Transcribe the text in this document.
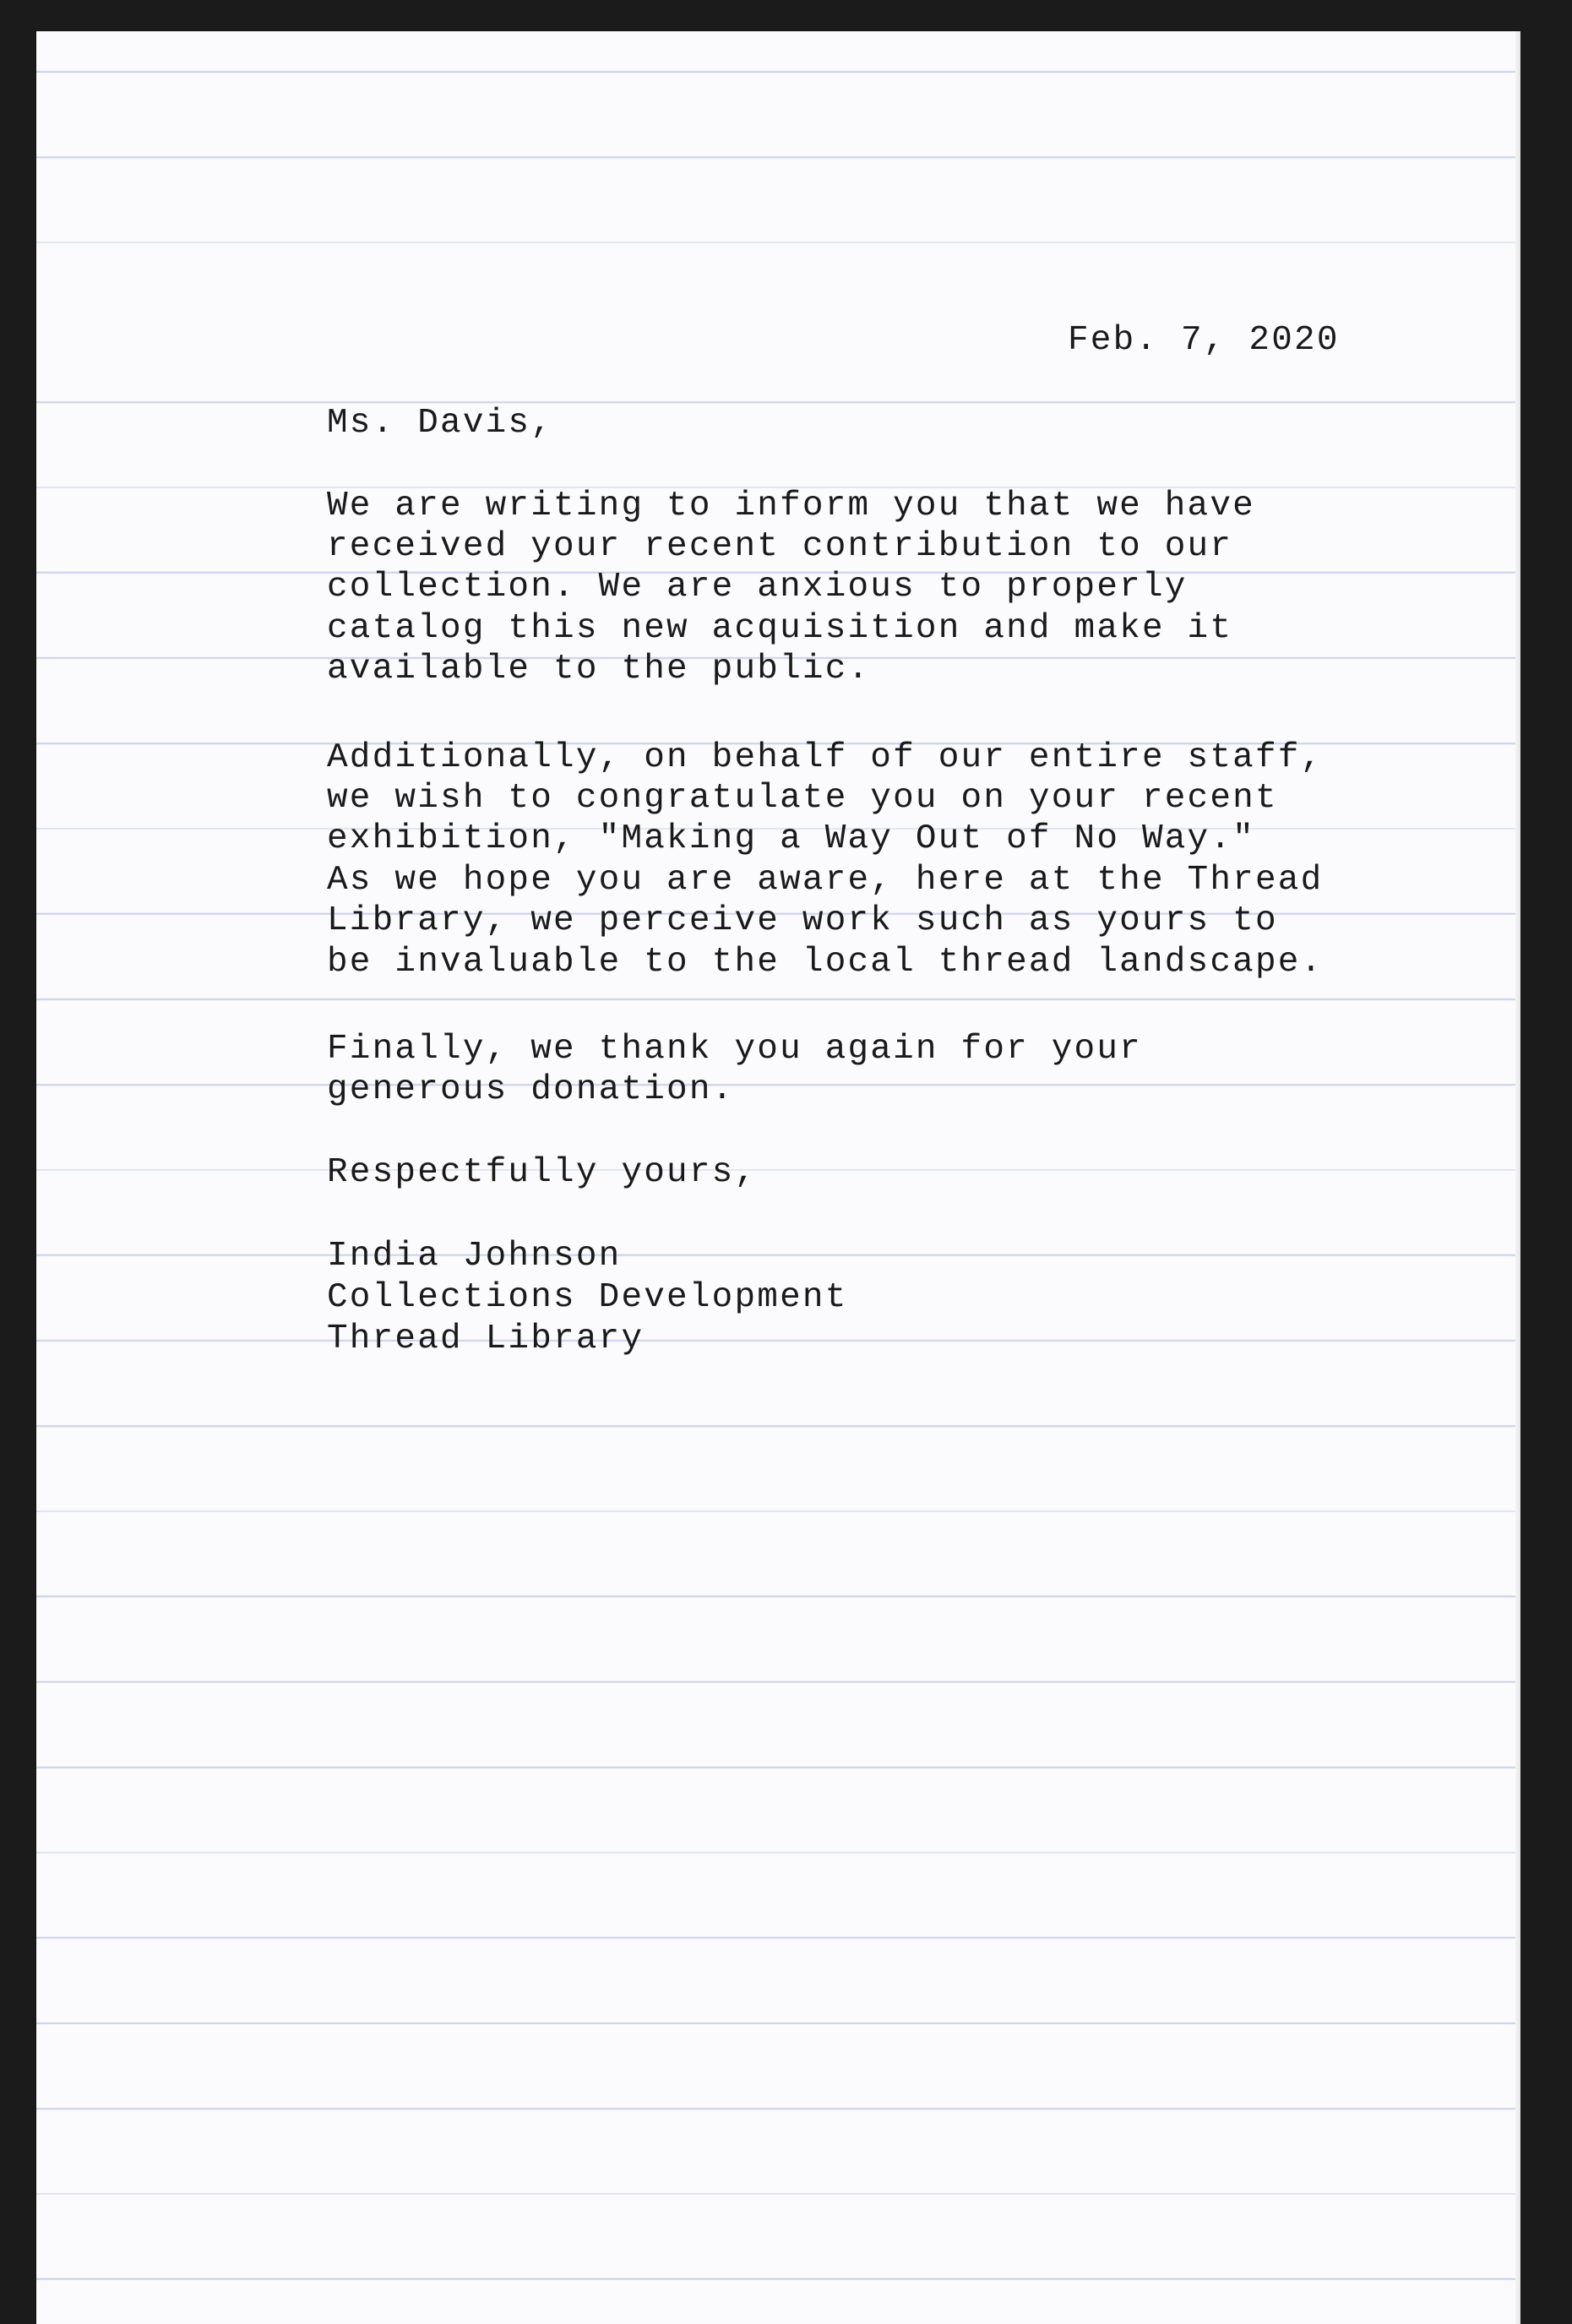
Feb. 7, 2020

Ms. Davis,

We are writing to inform you that we have

received your recent contribution to our

collection. We are anxious to properly

catalog this new acquisition and make it

available to the public.

Additionally, on behalf of our entire staff,

we wish to congratulate you on your recent

exhibition, "Making a Way Out of No Way."

As we hope you are aware, here at the Thread

Library, we perceive work such as yours to

be invaluable to the local thread landscape.

Finally, we thank you again for your

generous donation.

Respectfully yours,

India Johnson

Collections Development

Thread Library
